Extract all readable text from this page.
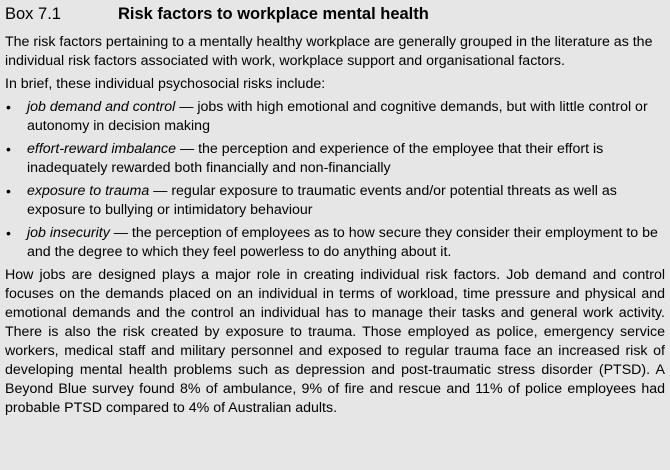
Box 7.1	Risk factors to workplace mental health

The risk factors pertaining to a mentally healthy workplace are generally grouped in the literature as the individual risk factors associated with work, workplace support and organisational factors.

In brief, these individual psychosocial risks include:

• job demand and control — jobs with high emotional and cognitive demands, but with little control or autonomy in decision making
• effort-reward imbalance — the perception and experience of the employee that their effort is inadequately rewarded both financially and non-financially
• exposure to trauma — regular exposure to traumatic events and/or potential threats as well as exposure to bullying or intimidatory behaviour
• job insecurity — the perception of employees as to how secure they consider their employment to be and the degree to which they feel powerless to do anything about it.

How jobs are designed plays a major role in creating individual risk factors. Job demand and control focuses on the demands placed on an individual in terms of workload, time pressure and physical and emotional demands and the control an individual has to manage their tasks and general work activity. There is also the risk created by exposure to trauma. Those employed as police, emergency service workers, medical staff and military personnel and exposed to regular trauma face an increased risk of developing mental health problems such as depression and post-traumatic stress disorder (PTSD). A Beyond Blue survey found 8% of ambulance, 9% of fire and rescue and 11% of police employees had probable PTSD compared to 4% of Australian adults.
